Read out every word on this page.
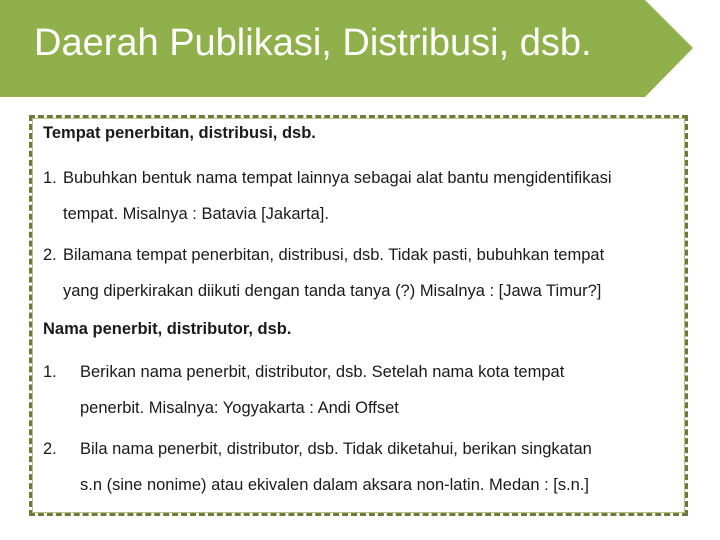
Daerah Publikasi, Distribusi, dsb.
Tempat penerbitan, distribusi, dsb.
1. Bubuhkan bentuk nama tempat lainnya sebagai alat bantu mengidentifikasi
tempat. Misalnya : Batavia [Jakarta].
2. Bilamana tempat penerbitan, distribusi, dsb. Tidak pasti, bubuhkan tempat
yang diperkirakan diikuti dengan tanda tanya (?) Misalnya : [Jawa Timur?]
Nama penerbit, distributor, dsb.
1. Berikan nama penerbit, distributor, dsb. Setelah nama kota tempat
penerbit. Misalnya: Yogyakarta : Andi Offset
2. Bila nama penerbit, distributor, dsb. Tidak diketahui, berikan singkatan
s.n (sine nonime) atau ekivalen dalam aksara non-latin. Medan : [s.n.]
